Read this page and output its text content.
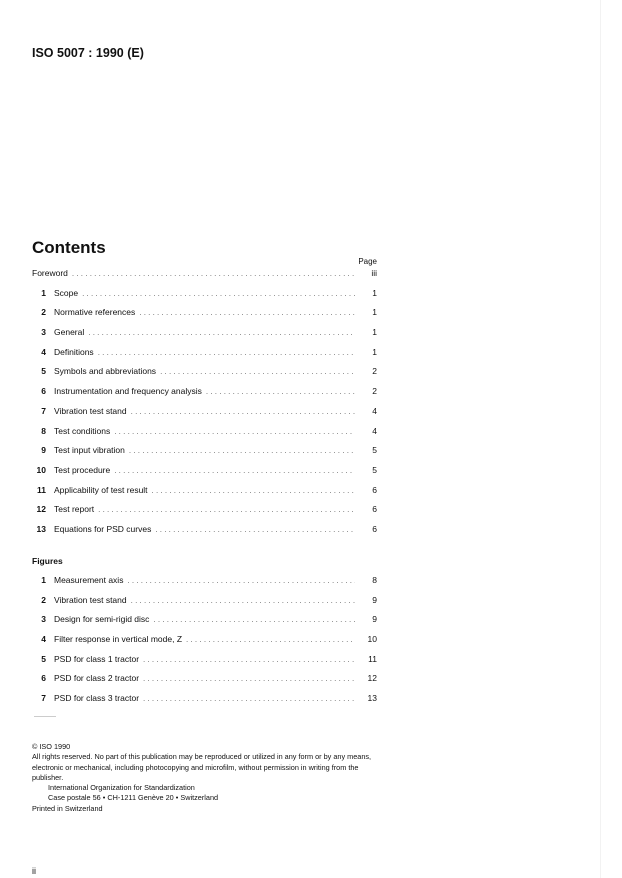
ISO 5007 : 1990 (E)
Contents
Page
Foreword . . .	iii
1 Scope . . .	1
2 Normative references . . .	1
3 General . . .	1
4 Definitions . . .	1
5 Symbols and abbreviations . . .	2
6 Instrumentation and frequency analysis . . .	2
7 Vibration test stand . . .	4
8 Test conditions . . .	4
9 Test input vibration . . .	5
10 Test procedure . . .	5
11 Applicability of test result . . .	6
12 Test report . . .	6
13 Equations for PSD curves . . .	6
Figures
1 Measurement axis . . .	8
2 Vibration test stand . . .	9
3 Design for semi-rigid disc . . .	9
4 Filter response in vertical mode, Z . . .	10
5 PSD for class 1 tractor . . .	11
6 PSD for class 2 tractor . . .	12
7 PSD for class 3 tractor . . .	13
© ISO 1990
All rights reserved. No part of this publication may be reproduced or utilized in any form or by any means, electronic or mechanical, including photocopying and microfilm, without permission in writing from the publisher.
International Organization for Standardization
Case postale 56 • CH-1211 Genève 20 • Switzerland
Printed in Switzerland
ii
